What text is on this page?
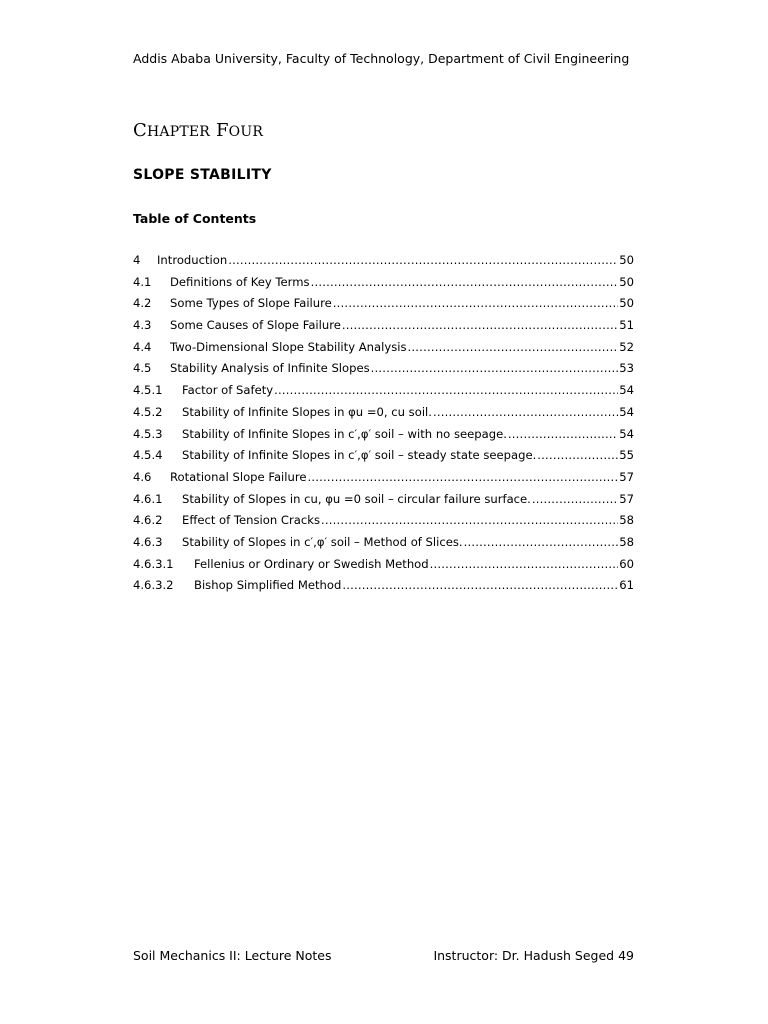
Addis Ababa University, Faculty of Technology, Department of Civil Engineering
CHAPTER FOUR
SLOPE STABILITY
Table of Contents
4	Introduction .....	50
4.1	Definitions of Key Terms .....	50
4.2	Some Types of Slope Failure .....	50
4.3	Some Causes of Slope Failure .....	51
4.4	Two-Dimensional Slope Stability Analysis .....	52
4.5	Stability Analysis of Infinite Slopes .....	53
4.5.1	Factor of Safety .....	54
4.5.2	Stability of Infinite Slopes in φu =0, cu soil. .....	54
4.5.3	Stability of Infinite Slopes in c′,φ′ soil – with no seepage. .....	54
4.5.4	Stability of Infinite Slopes in c′,φ′ soil – steady state seepage. .....	55
4.6	Rotational Slope Failure .....	57
4.6.1	Stability of Slopes in cu, φu =0 soil – circular failure surface. .....	57
4.6.2	Effect of Tension Cracks .....	58
4.6.3	Stability of Slopes in c′,φ′ soil – Method of Slices. .....	58
4.6.3.1	Fellenius or Ordinary or Swedish Method .....	60
4.6.3.2	Bishop Simplified Method .....	61
Soil Mechanics II: Lecture Notes	Instructor: Dr. Hadush Seged 49
